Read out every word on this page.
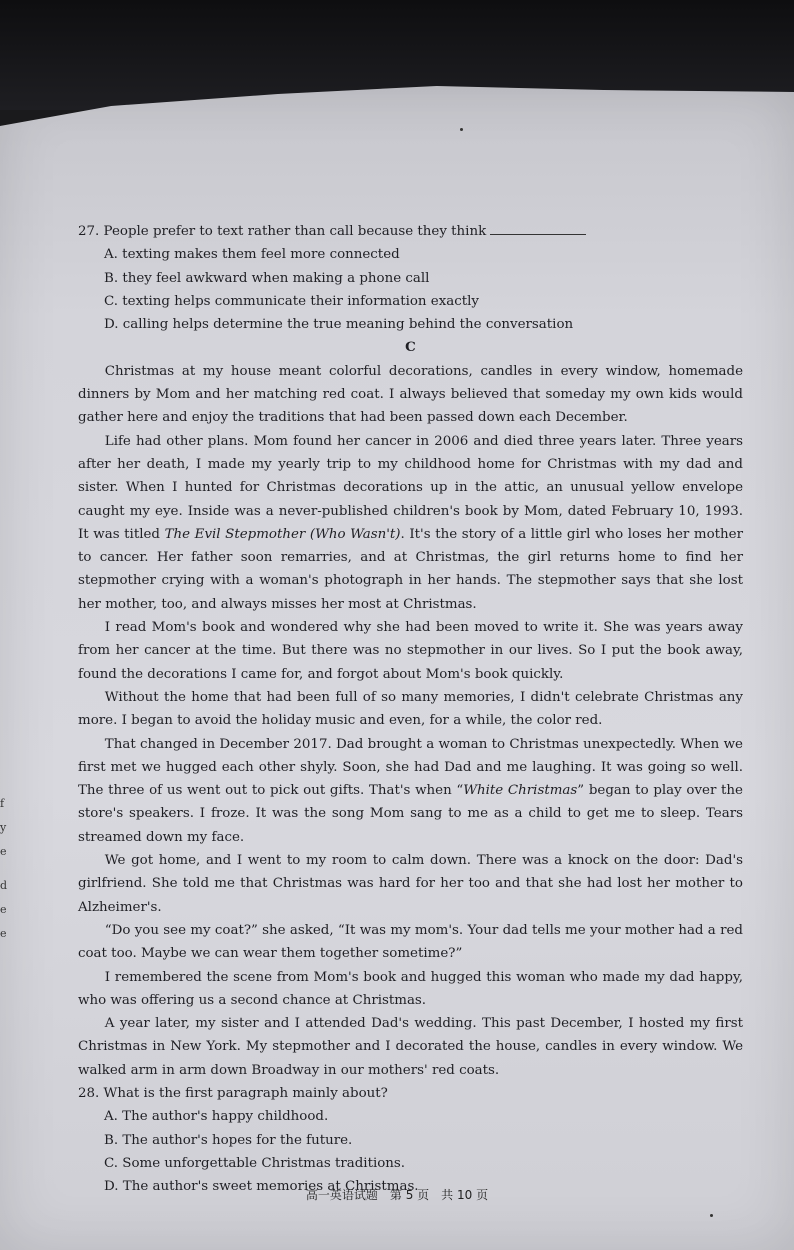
f
y
e
d
e
e

27. People prefer to text rather than call because they think

A. texting makes them feel more connected

B. they feel awkward when making a phone call

C. texting helps communicate their information exactly

D. calling helps determine the true meaning behind the conversation

C

Christmas at my house meant colorful decorations, candles in every window, homemade dinners by Mom and her matching red coat. I always believed that someday my own kids would gather here and enjoy the traditions that had been passed down each December.

Life had other plans. Mom found her cancer in 2006 and died three years later. Three years after her death, I made my yearly trip to my childhood home for Christmas with my dad and sister. When I hunted for Christmas decorations up in the attic, an unusual yellow envelope caught my eye. Inside was a never-published children's book by Mom, dated February 10, 1993. It was titled The Evil Stepmother (Who Wasn't). It's the story of a little girl who loses her mother to cancer. Her father soon remarries, and at Christmas, the girl returns home to find her stepmother crying with a woman's photograph in her hands. The stepmother says that she lost her mother, too, and always misses her most at Christmas.

I read Mom's book and wondered why she had been moved to write it. She was years away from her cancer at the time. But there was no stepmother in our lives. So I put the book away, found the decorations I came for, and forgot about Mom's book quickly.

Without the home that had been full of so many memories, I didn't celebrate Christmas any more. I began to avoid the holiday music and even, for a while, the color red.

That changed in December 2017. Dad brought a woman to Christmas unexpectedly. When we first met we hugged each other shyly. Soon, she had Dad and me laughing. It was going so well. The three of us went out to pick out gifts. That's when “White Christmas” began to play over the store's speakers. I froze. It was the song Mom sang to me as a child to get me to sleep. Tears streamed down my face.

We got home, and I went to my room to calm down. There was a knock on the door: Dad's girlfriend. She told me that Christmas was hard for her too and that she had lost her mother to Alzheimer's.

“Do you see my coat?” she asked, “It was my mom's. Your dad tells me your mother had a red coat too. Maybe we can wear them together sometime?”

I remembered the scene from Mom's book and hugged this woman who made my dad happy, who was offering us a second chance at Christmas.

A year later, my sister and I attended Dad's wedding. This past December, I hosted my first Christmas in New York. My stepmother and I decorated the house, candles in every window. We walked arm in arm down Broadway in our mothers' red coats.

28. What is the first paragraph mainly about?

A. The author's happy childhood.

B. The author's hopes for the future.

C. Some unforgettable Christmas traditions.

D. The author's sweet memories at Christmas.

高一英语试题　第 5 页　共 10 页
